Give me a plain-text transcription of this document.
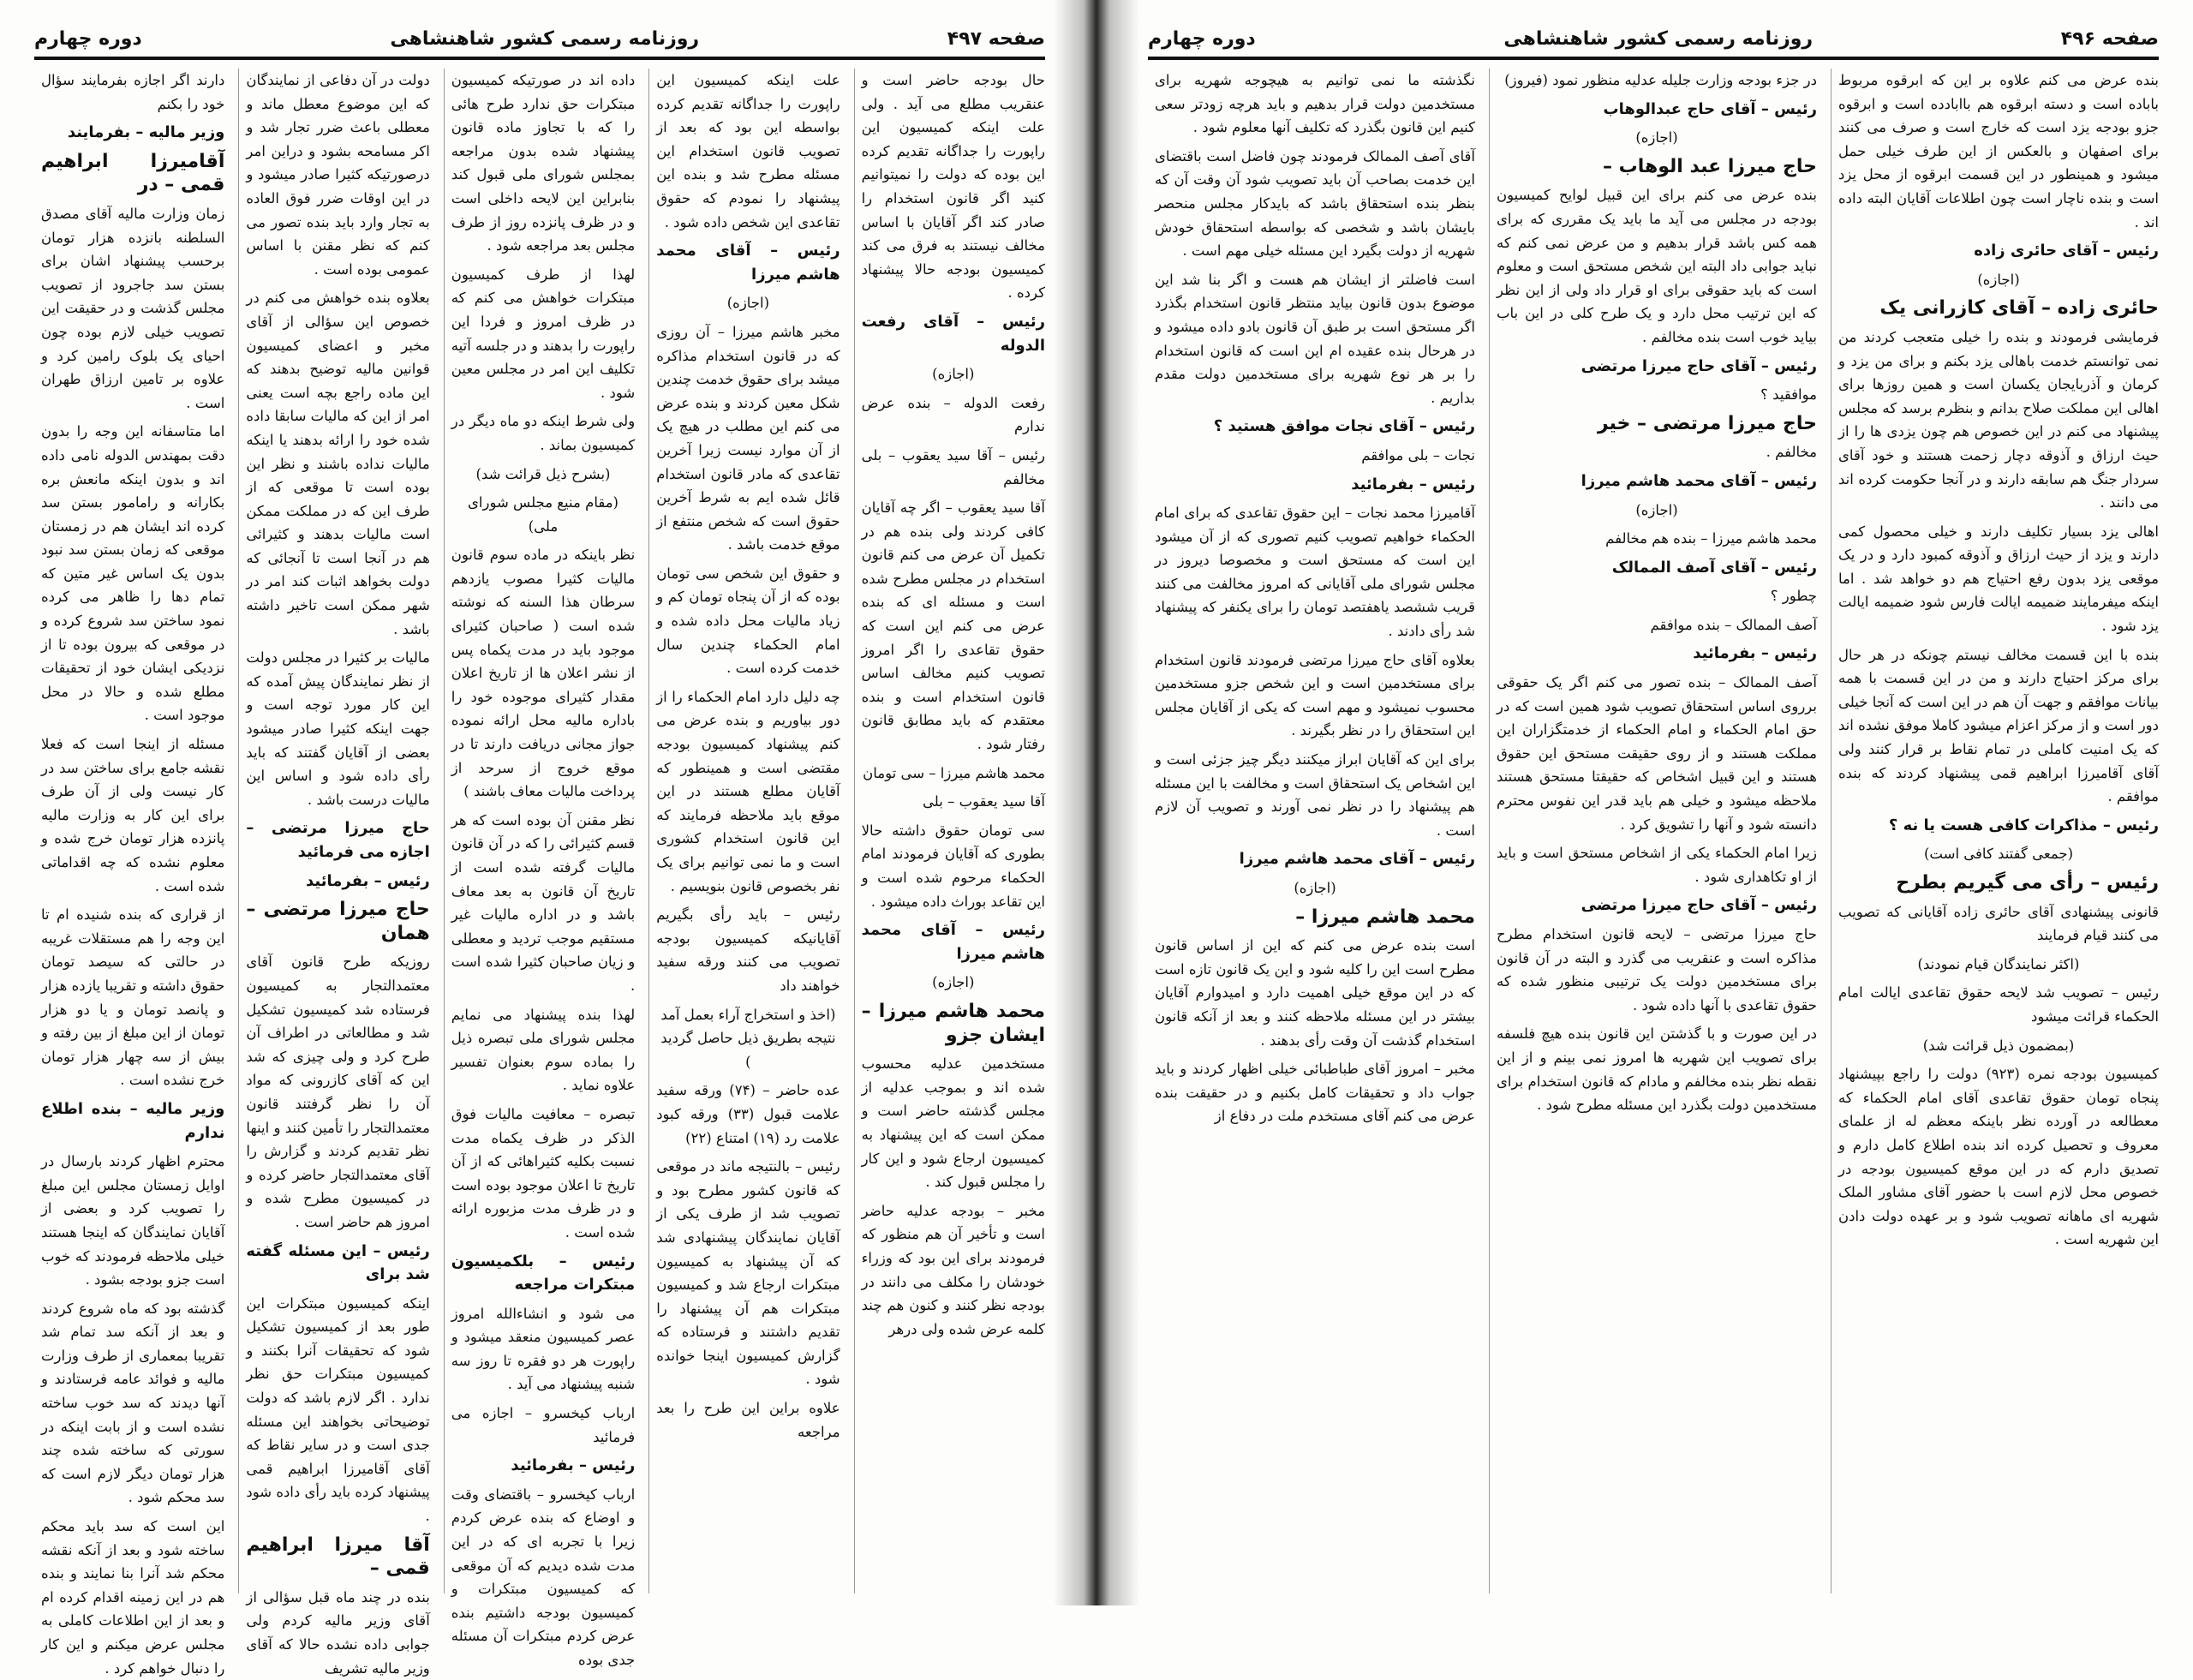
صفحه ۴۹۷
روزنامه رسمی کشور شاهنشاهی
دوره چهارم

حال بودجه حاضر است و عنقریب مطلع می آید . ولی علت اینکه کمیسیون این راپورت را جداگانه تقدیم کرده این بوده که دولت را نمیتوانیم کنید اگر قانون استخدام را صادر کند اگر آقایان با اساس مخالف نیستند به فرق می کند کمیسیون بودجه حالا پیشنهاد کرده .

رئیس – آقای رفعت الدوله

(اجازه)

رفعت الدوله – بنده عرض ندارم

رئیس – آقا سید یعقوب – بلی مخالفم

آقا سید یعقوب – اگر چه آقایان کافی کردند ولی بنده هم در تکمیل آن عرض می کنم قانون استخدام در مجلس مطرح شده است و مسئله ای که بنده عرض می کنم این است که حقوق تقاعدی را اگر امروز تصویب کنیم مخالف اساس قانون استخدام است و بنده معتقدم که باید مطابق قانون رفتار شود .

محمد هاشم میرزا – سی تومان

آقا سید یعقوب – بلی

سی تومان حقوق داشته حالا بطوری که آقایان فرمودند امام الحکماء مرحوم شده است و این تقاعد بوراث داده میشود .

رئیس – آقای محمد هاشم میرزا

(اجازه)

محمد هاشم میرزا – ایشان جزو

مستخدمین عدلیه محسوب شده اند و بموجب عدلیه از مجلس گذشته حاضر است و ممکن است که این پیشنهاد به کمیسیون ارجاع شود و این کار را مجلس قبول کند .

مخبر – بودجه عدلیه حاضر است و تأخیر آن هم منظور که فرمودند برای این بود که وزراء خودشان را مکلف می دانند در بودجه نظر کنند و کنون هم چند کلمه عرض شده ولی درهر

علت اینکه کمیسیون این راپورت را جداگانه تقدیم کرده بواسطه این بود که بعد از تصویب قانون استخدام این مسئله مطرح شد و بنده این پیشنهاد را نمودم که حقوق تقاعدی این شخص داده شود .

رئیس – آقای محمد هاشم میرزا

(اجازه)

مخبر هاشم میرزا – آن روزی که در قانون استخدام مذاکره میشد برای حقوق خدمت چندین شکل معین کردند و بنده عرض می کنم این مطلب در هیچ یک از آن موارد نیست زیرا آخرین تقاعدی که مادر قانون استخدام قائل شده ایم به شرط آخرین حقوق است که شخص منتفع از موقع خدمت باشد .

و حقوق این شخص سی تومان بوده که از آن پنجاه تومان کم و زیاد مالیات محل داده شده و امام الحکماء چندین سال خدمت کرده است .

چه دلیل دارد امام الحکماء را از دور بیاوریم و بنده عرض می کنم پیشنهاد کمیسیون بودجه مقتضی است و همینطور که آقایان مطلع هستند در این موقع باید ملاحظه فرمایند که این قانون استخدام کشوری است و ما نمی توانیم برای یک نفر بخصوص قانون بنویسیم .

رئیس – باید رأی بگیریم آقایانیکه کمیسیون بودجه تصویب می کنند ورقه سفید خواهند داد

(اخذ و استخراج آراء بعمل آمد نتیجه بطریق ذیل حاصل گردید )

عده حاضر – (۷۴) ورقه سفید علامت قبول (۳۳) ورقه کبود علامت رد (۱۹) امتناع (۲۲)

رئیس – بالنتیجه ماند در موقعی که قانون کشور مطرح بود و تصویب شد از طرف یکی از آقایان نمایندگان پیشنهادی شد که آن پیشنهاد به کمیسیون مبتکرات ارجاع شد و کمیسیون مبتکرات هم آن پیشنهاد را تقدیم داشتند و فرستاده که گزارش کمیسیون اینجا خوانده شود .

علاوه براین این طرح را بعد مراجعه

داده اند در صورتیکه کمیسیون مبتکرات حق ندارد طرح هائی را که با تجاوز ماده قانون پیشنهاد شده بدون مراجعه بمجلس شورای ملی قبول کند بنابراین این لایحه داخلی است و در ظرف پانزده روز از طرف مجلس بعد مراجعه شود .

لهذا از طرف کمیسیون مبتکرات خواهش می کنم که در ظرف امروز و فردا این راپورت را بدهند و در جلسه آتیه تکلیف این امر در مجلس معین شود .

ولی شرط اینکه دو ماه دیگر در کمیسیون بماند .

(بشرح ذیل قرائت شد)

(مقام منیع مجلس شورای ملی)

نظر باینکه در ماده سوم قانون مالیات کثیرا مصوب یازدهم سرطان هذا السنه که نوشته شده است ( صاحبان کثیرای موجود باید در مدت یکماه پس از نشر اعلان ها از تاریخ اعلان مقدار کثیرای موجوده خود را باداره مالیه محل ارائه نموده جواز مجانی دریافت دارند تا در موقع خروج از سرحد از پرداخت مالیات معاف باشند )

نظر مقنن آن بوده است که هر قسم کثیرائی را که در آن قانون مالیات گرفته شده است از تاریخ آن قانون به بعد معاف باشد و در اداره مالیات غیر مستقیم موجب تردید و معطلی و زیان صاحبان کثیرا شده است .

لهذا بنده پیشنهاد می نمایم مجلس شورای ملی تبصره ذیل را بماده سوم بعنوان تفسیر علاوه نماید .

تبصره – معافیت مالیات فوق الذکر در ظرف یکماه مدت نسبت بکلیه کثیراهائی که از آن تاریخ تا اعلان موجود بوده است و در ظرف مدت مزبوره ارائه شده است .

رئیس – بلکمیسیون مبتکرات مراجعه

می شود و انشاءالله امروز عصر کمیسیون منعقد میشود و راپورت هر دو فقره تا روز سه شنبه پیشنهاد می آید .

ارباب کیخسرو – اجازه می فرمائید

رئیس – بفرمائید

ارباب کیخسرو – باقتضای وقت و اوضاع که بنده عرض کردم زیرا با تجربه ای که در این مدت شده دیدیم که آن موقعی که کمیسیون مبتکرات و کمیسیون بودجه داشتیم بنده عرض کردم مبتکرات آن مسئله جدی بوده

دولت در آن دفاعی از نمایندگان که این موضوع معطل ماند و معطلی باعث ضرر تجار شد و اکر مسامحه بشود و دراین امر درصورتیکه کثیرا صادر میشود و در این اوقات ضرر فوق العاده به تجار وارد باید بنده تصور می کنم که نظر مقنن با اساس عمومی بوده است .

بعلاوه بنده خواهش می کنم در خصوص این سؤالی از آقای مخبر و اعضای کمیسیون قوانین مالیه توضیح بدهند که این ماده راجع بچه است یعنی امر از این که مالیات سابقا داده شده خود را ارائه بدهند یا اینکه مالیات نداده باشند و نظر این بوده است تا موقعی که از طرف این که در مملکت ممکن است مالیات بدهند و کثیرائی هم در آنجا است تا آنجائی که دولت بخواهد اثبات کند امر در شهر ممکن است تاخیر داشته باشد .

مالیات بر کثیرا در مجلس دولت از نظر نمایندگان پیش آمده که این کار مورد توجه است و جهت اینکه کثیرا صادر میشود بعضی از آقایان گفتند که باید رأی داده شود و اساس این مالیات درست باشد .

حاج میرزا مرتضی – اجازه می فرمائید

رئیس – بفرمائید

حاج میرزا مرتضی – همان

روزیکه طرح قانون آقای معتمدالتجار به کمیسیون فرستاده شد کمیسیون تشکیل شد و مطالعاتی در اطراف آن طرح کرد و ولی چیزی که شد این که آقای کازرونی که مواد آن را نظر گرفتند قانون معتمدالتجار را تأمین کنند و اینها نظر تقدیم کردند و گزارش را آقای معتمدالتجار حاضر کرده و در کمیسیون مطرح شده و امروز هم حاضر است .

رئیس – این مسئله گفته شد برای

اینکه کمیسیون مبتکرات این طور بعد از کمیسیون تشکیل شود که تحقیقات آنرا بکنند و کمیسیون مبتکرات حق نظر ندارد . اگر لازم باشد که دولت توضیحاتی بخواهند این مسئله جدی است و در سایر نقاط که آقای آقامیرزا ابراهیم قمی پیشنهاد کرده باید رأی داده شود .

آقا میرزا ابراهیم قمی –

بنده در چند ماه قبل سؤالی از آقای وزیر مالیه کردم ولی جوابی داده نشده حالا که آقای وزیر مالیه تشریف

دارند اگر اجازه بفرمایند سؤال خود را بکنم

وزیر مالیه – بفرمایند

آقامیرزا ابراهیم قمی – در

زمان وزارت مالیه آقای مصدق السلطنه بانزده هزار تومان برحسب پیشنهاد اشان برای بستن سد جاجرود از تصویب مجلس گذشت و در حقیقت این تصویب خیلی لازم بوده چون احیای یک بلوک رامین کرد و علاوه بر تامین ارزاق طهران است .

اما متاسفانه این وجه را بدون دقت بمهندس الدوله نامی داده اند و بدون اینکه مانعش بره بکارانه و رامامور بستن سد کرده اند ایشان هم در زمستان موقعی که زمان بستن سد نبود بدون یک اساس غیر متین که تمام دها را ظاهر می کرده نمود ساختن سد شروع کرده و در موقعی که بیرون بوده تا از نزدیکی ایشان خود از تحقیقات مطلع شده و حالا در محل موجود است .

مسئله از اینجا است که فعلا نقشه جامع برای ساختن سد در کار نیست ولی از آن طرف برای این کار به وزارت مالیه پانزده هزار تومان خرج شده و معلوم نشده که چه اقداماتی شده است .

از قراری که بنده شنیده ام تا این وجه را هم مستقلات غریبه در حالتی که سیصد تومان حقوق داشته و تقریبا یازده هزار و پانصد تومان و یا دو هزار تومان از این مبلغ از بین رفته و بیش از سه چهار هزار تومان خرج نشده است .

وزیر مالیه – بنده اطلاع ندارم

محترم اظهار کردند بارسال در اوایل زمستان مجلس این مبلغ را تصویب کرد و بعضی از آقایان نمایندگان که اینجا هستند خیلی ملاحظه فرمودند که خوب است جزو بودجه بشود .

گذشته بود که ماه شروع کردند و بعد از آنکه سد تمام شد تقریبا بمعماری از طرف وزارت مالیه و فوائد عامه فرستادند و آنها دیدند که سد خوب ساخته نشده است و از بابت اینکه در سورتی که ساخته شده چند هزار تومان دیگر لازم است که سد محکم شود .

این است که سد باید محکم ساخته شود و بعد از آنکه نقشه محکم شد آنرا بنا نمایند و بنده هم در این زمینه اقدام کرده ام و بعد از این اطلاعات کاملی به مجلس عرض میکنم و این کار را دنبال خواهم کرد .

صفحه ۴۹۶
روزنامه رسمی کشور شاهنشاهی
دوره چهارم

بنده عرض می کنم علاوه بر این که ابرقوه مربوط باباده است و دسته ابرقوه هم باابادده است و ابرقوه جزو بودجه یزد است که خارج است و صرف می کنند برای اصفهان و بالعکس از این طرف خیلی حمل میشود و همینطور در این قسمت ابرقوه از محل یزد است و بنده ناچار است چون اطلاعات آقایان البته داده اند .

رئیس – آقای حائری زاده

(اجازه)

حائری زاده – آقای کازرانی یک

فرمایشی فرمودند و بنده را خیلی متعجب کردند من نمی توانستم خدمت باهالی یزد بکنم و برای من یزد و کرمان و آذربایجان یکسان است و همین روزها برای اهالی این مملکت صلاح بدانم و بنظرم برسد که مجلس پیشنهاد می کنم در این خصوص هم چون یزدی ها را از حیث ارزاق و آذوقه دچار زحمت هستند و خود آقای سردار جنگ هم سابقه دارند و در آنجا حکومت کرده اند می دانند .

اهالی یزد بسیار تکلیف دارند و خیلی محصول کمی دارند و یزد از حیث ارزاق و آذوقه کمبود دارد و در یک موقعی یزد بدون رفع احتیاج هم دو خواهد شد . اما اینکه میفرمایند ضمیمه ایالت فارس شود ضمیمه ایالت یزد شود .

بنده با این قسمت مخالف نیستم چونکه در هر حال برای مرکز احتیاج دارند و من در این قسمت با همه بیانات موافقم و جهت آن هم در این است که آنجا خیلی دور است و از مرکز اعزام میشود کاملا موفق نشده اند که یک امنیت کاملی در تمام نقاط بر قرار کنند ولی آقای آقامیرزا ابراهیم قمی پیشنهاد کردند که بنده موافقم .

رئیس – مذاکرات کافی هست یا نه ؟

(جمعی گفتند کافی است)

رئیس – رأی می گیریم بطرح

قانونی پیشنهادی آقای حائری زاده آقایانی که تصویب می کنند قیام فرمایند

(اکثر نمایندگان قیام نمودند)

رئیس – تصویب شد لایحه حقوق تقاعدی ایالت امام الحکماء قرائت میشود

(بمضمون ذیل قرائت شد)

کمیسیون بودجه نمره (۹۲۳) دولت را راجع بپیشنهاد پنجاه تومان حقوق تقاعدی آقای امام الحکماء که معطالعه در آورده نظر باینکه معظم له از علمای معروف و تحصیل کرده اند بنده اطلاع کامل دارم و تصدیق دارم که در این موقع کمیسیون بودجه در خصوص محل لازم است با حضور آقای مشاور الملک شهریه ای ماهانه تصویب شود و بر عهده دولت دادن این شهریه است .

در جزء بودجه وزارت جلیله عدلیه منظور نمود (فیروز)

رئیس – آقای حاج عبدالوهاب

(اجازه)

حاج میرزا عبد الوهاب –

بنده عرض می کنم برای این قبیل لوایح کمیسیون بودجه در مجلس می آید ما باید یک مقرری که برای همه کس باشد قرار بدهیم و من عرض نمی کنم که نباید جوابی داد البته این شخص مستحق است و معلوم است که باید حقوقی برای او قرار داد ولی از این نظر که این ترتیب محل دارد و یک طرح کلی در این باب بیاید خوب است بنده مخالفم .

رئیس – آقای حاج میرزا مرتضی

موافقید ؟

حاج میرزا مرتضی – خیر

مخالفم .

رئیس – آقای محمد هاشم میرزا

(اجازه)

محمد هاشم میرزا – بنده هم مخالفم

رئیس – آقای آصف الممالک

چطور ؟

آصف الممالک – بنده موافقم

رئیس – بفرمائید

آصف الممالک – بنده تصور می کنم اگر یک حقوقی برروی اساس استحقاق تصویب شود همین است که در حق امام الحکماء و امام الحکماء از خدمتگزاران این مملکت هستند و از روی حقیقت مستحق این حقوق هستند و این قبیل اشخاص که حقیقتا مستحق هستند ملاحظه میشود و خیلی هم باید قدر این نفوس محترم دانسته شود و آنها را تشویق کرد .

زیرا امام الحکماء یکی از اشخاص مستحق است و باید از او تکاهداری شود .

رئیس – آقای حاج میرزا مرتضی

حاج میرزا مرتضی – لایحه قانون استخدام مطرح مذاکره است و عنقریب می گذرد و البته در آن قانون برای مستخدمین دولت یک ترتیبی منظور شده که حقوق تقاعدی با آنها داده شود .

در این صورت و با گذشتن این قانون بنده هیچ فلسفه برای تصویب این شهریه ها امروز نمی بینم و از این نقطه نظر بنده مخالفم و مادام که قانون استخدام برای مستخدمین دولت بگذرد این مسئله مطرح شود .

نگذشته ما نمی توانیم به هیچوجه شهریه برای مستخدمین دولت قرار بدهیم و باید هرچه زودتر سعی کنیم این قانون بگذرد که تکلیف آنها معلوم شود .

آقای آصف الممالک فرمودند چون فاضل است باقتضای این خدمت بصاحب آن باید تصویب شود آن وقت آن که بنظر بنده استحقاق باشد که بایدکار مجلس منحصر بایشان باشد و شخصی که بواسطه استحقاق خودش شهریه از دولت بگیرد این مسئله خیلی مهم است .

است فاضلتر از ایشان هم هست و اگر بنا شد این موضوع بدون قانون بیاید منتظر قانون استخدام بگذرد اگر مستحق است بر طبق آن قانون بادو داده میشود و در هرحال بنده عقیده ام این است که قانون استخدام را بر هر نوع شهریه برای مستخدمین دولت مقدم بداریم .

رئیس – آقای نجات موافق هستید ؟

نجات – بلی موافقم

رئیس – بفرمائید

آقامیرزا محمد نجات – این حقوق تقاعدی که برای امام الحکماء خواهیم تصویب کنیم تصوری که از آن میشود این است که مستحق است و مخصوصا دیروز در مجلس شورای ملی آقایانی که امروز مخالفت می کنند قریب ششصد یاهفتصد تومان را برای یکنفر که پیشنهاد شد رأی دادند .

بعلاوه آقای حاج میرزا مرتضی فرمودند قانون استخدام برای مستخدمین است و این شخص جزو مستخدمین محسوب نمیشود و مهم است که یکی از آقایان مجلس این استحقاق را در نظر بگیرند .

برای این که آقایان ابراز میکنند دیگر چیز جزئی است و این اشخاص یک استحقاق است و مخالفت با این مسئله هم پیشنهاد را در نظر نمی آورند و تصویب آن لازم است .

رئیس – آقای محمد هاشم میرزا

(اجازه)

محمد هاشم میرزا –

است بنده عرض می کنم که این از اساس قانون مطرح است این را کلیه شود و این یک قانون تازه است که در این موقع خیلی اهمیت دارد و امیدوارم آقایان بیشتر در این مسئله ملاحظه کنند و بعد از آنکه قانون استخدام گذشت آن وقت رأی بدهند .

مخبر – امروز آقای طباطبائی خیلی اظهار کردند و باید جواب داد و تحقیقات کامل بکنیم و در حقیقت بنده عرض می کنم آقای مستخدم ملت در دفاع از
